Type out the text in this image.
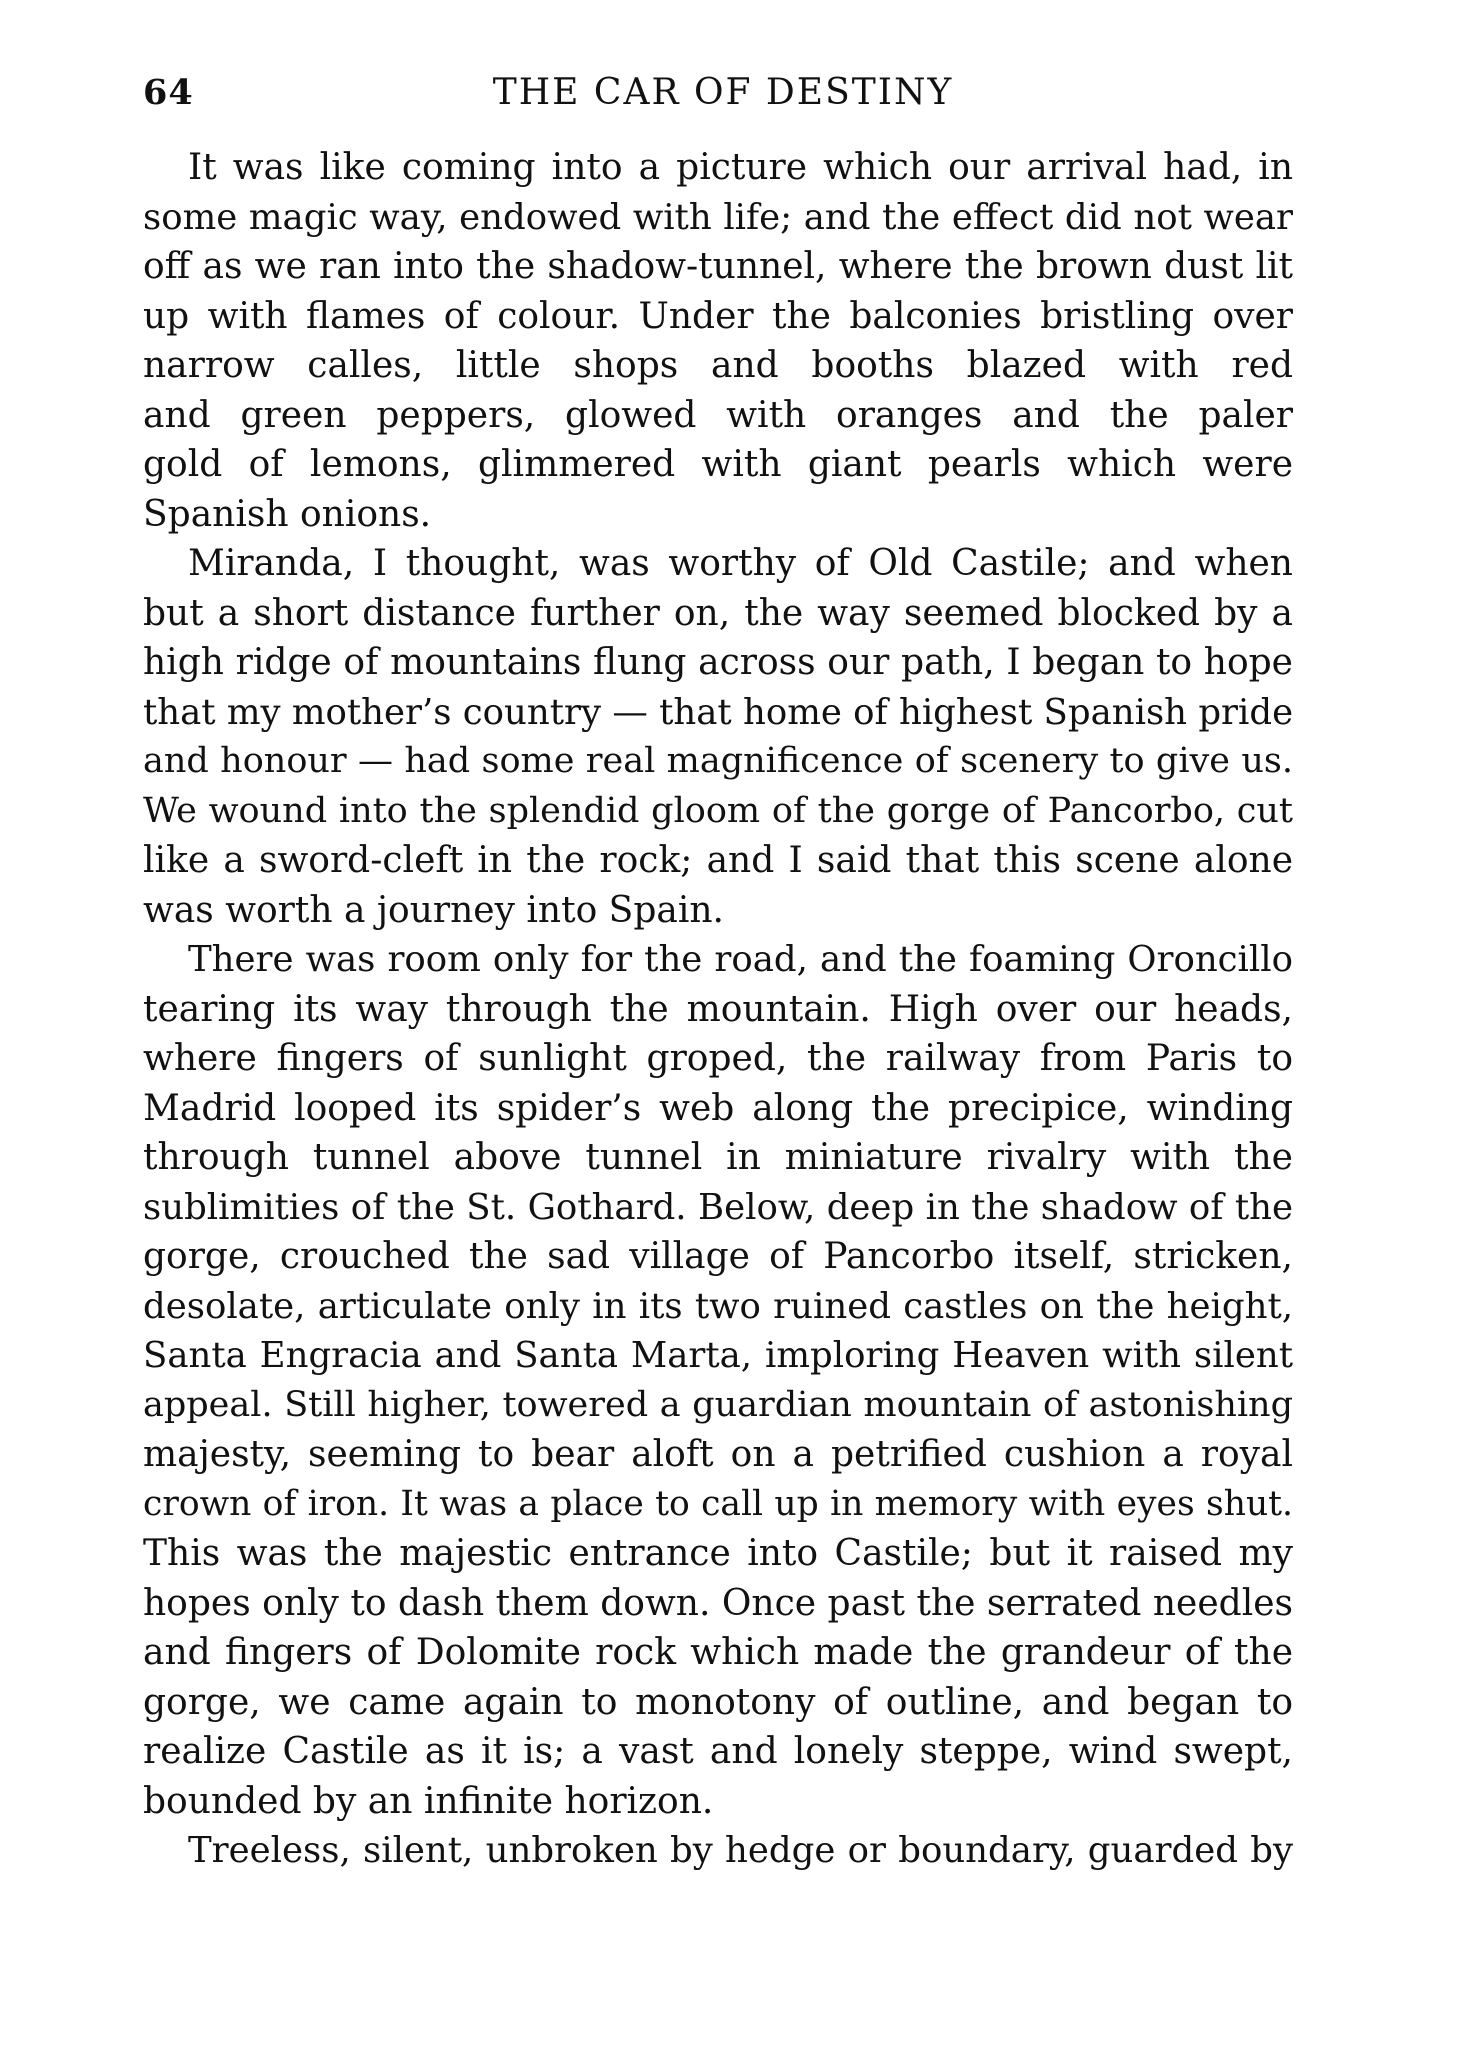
64	THE CAR OF DESTINY

It was like coming into a picture which our arrival had, in
some magic way, endowed with life; and the effect did not wear
off as we ran into the shadow-tunnel, where the brown dust lit
up with flames of colour. Under the balconies bristling over
narrow calles, little shops and booths blazed with red
and green peppers, glowed with oranges and the paler
gold of lemons, glimmered with giant pearls which were
Spanish onions.

Miranda, I thought, was worthy of Old Castile; and when
but a short distance further on, the way seemed blocked by a
high ridge of mountains flung across our path, I began to hope
that my mother’s country — that home of highest Spanish pride
and honour — had some real magnificence of scenery to give us.
We wound into the splendid gloom of the gorge of Pancorbo, cut
like a sword-cleft in the rock; and I said that this scene alone
was worth a journey into Spain.

There was room only for the road, and the foaming Oroncillo
tearing its way through the mountain. High over our heads,
where fingers of sunlight groped, the railway from Paris to
Madrid looped its spider’s web along the precipice, winding
through tunnel above tunnel in miniature rivalry with the
sublimities of the St. Gothard. Below, deep in the shadow of the
gorge, crouched the sad village of Pancorbo itself, stricken,
desolate, articulate only in its two ruined castles on the height,
Santa Engracia and Santa Marta, imploring Heaven with silent
appeal. Still higher, towered a guardian mountain of astonishing
majesty, seeming to bear aloft on a petrified cushion a royal
crown of iron. It was a place to call up in memory with eyes shut.
This was the majestic entrance into Castile; but it raised my
hopes only to dash them down. Once past the serrated needles
and fingers of Dolomite rock which made the grandeur of the
gorge, we came again to monotony of outline, and began to
realize Castile as it is; a vast and lonely steppe, wind swept,
bounded by an infinite horizon.

Treeless, silent, unbroken by hedge or boundary, guarded by
